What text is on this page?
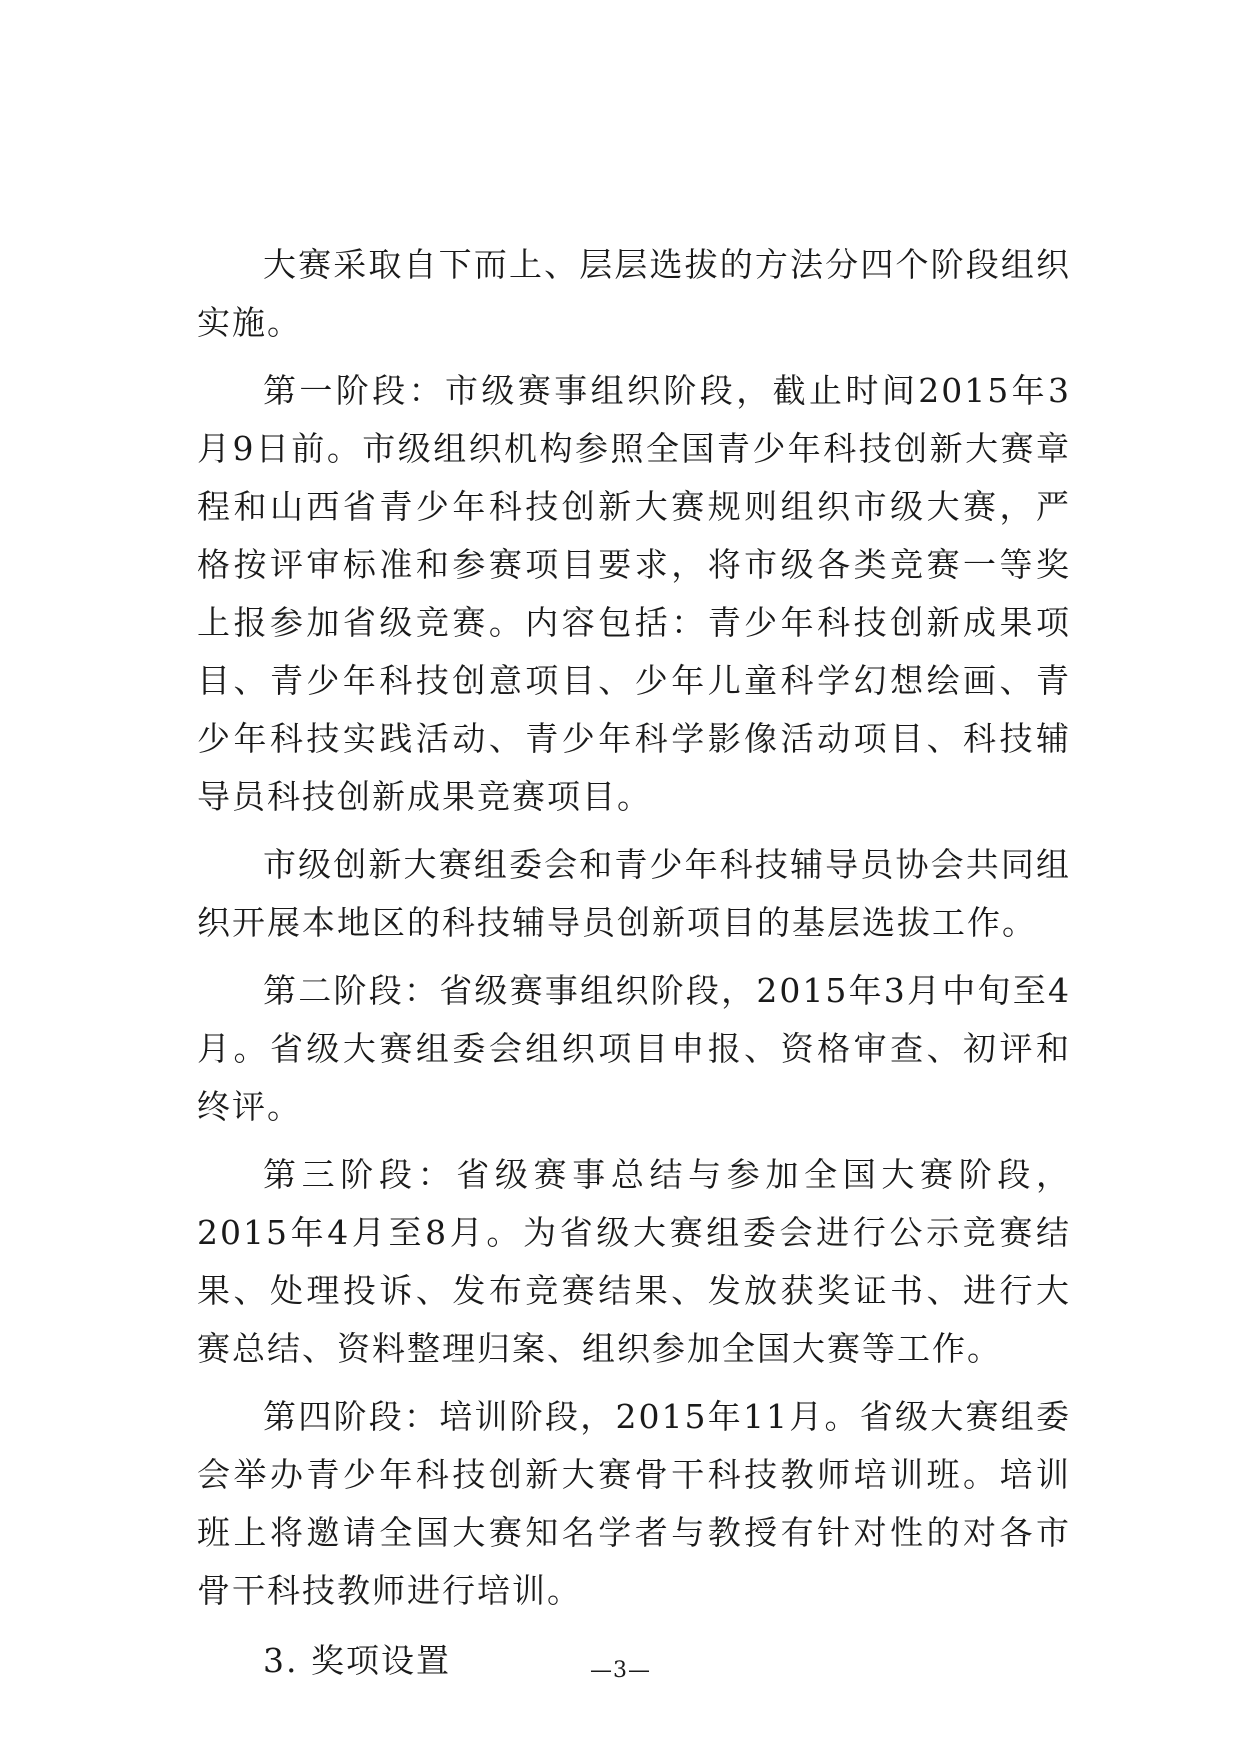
大赛采取自下而上、层层选拔的方法分四个阶段组织实施。

第一阶段：市级赛事组织阶段，截止时间2015年3月9日前。市级组织机构参照全国青少年科技创新大赛章程和山西省青少年科技创新大赛规则组织市级大赛，严格按评审标准和参赛项目要求，将市级各类竞赛一等奖上报参加省级竞赛。内容包括：青少年科技创新成果项目、青少年科技创意项目、少年儿童科学幻想绘画、青少年科技实践活动、青少年科学影像活动项目、科技辅导员科技创新成果竞赛项目。

市级创新大赛组委会和青少年科技辅导员协会共同组织开展本地区的科技辅导员创新项目的基层选拔工作。

第二阶段：省级赛事组织阶段，2015年3月中旬至4月。省级大赛组委会组织项目申报、资格审查、初评和终评。

第三阶段：省级赛事总结与参加全国大赛阶段，2015年4月至8月。为省级大赛组委会进行公示竞赛结果、处理投诉、发布竞赛结果、发放获奖证书、进行大赛总结、资料整理归案、组织参加全国大赛等工作。

第四阶段：培训阶段，2015年11月。省级大赛组委会举办青少年科技创新大赛骨干科技教师培训班。培训班上将邀请全国大赛知名学者与教授有针对性的对各市骨干科技教师进行培训。

3. 奖项设置	—3—
